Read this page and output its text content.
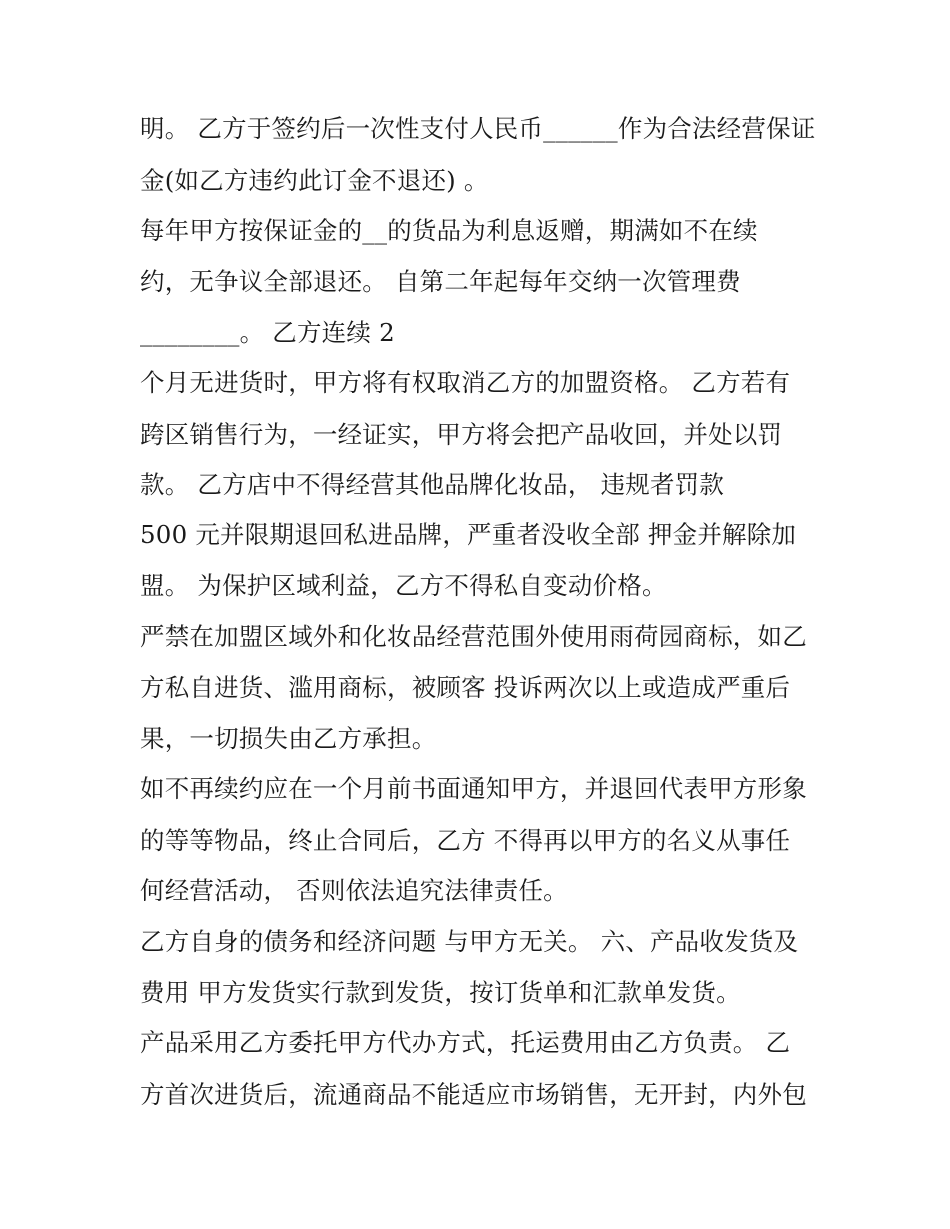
明。 乙方于签约后一次性支付人民币______作为合法经营保证
金(如乙方违约此订金不退还) 。
每年甲方按保证金的__的货品为利息返赠，期满如不在续
约，无争议全部退还。 自第二年起每年交纳一次管理费
________。 乙方连续 2
个月无进货时，甲方将有权取消乙方的加盟资格。 乙方若有
跨区销售行为，一经证实，甲方将会把产品收回，并处以罚
款。 乙方店中不得经营其他品牌化妆品， 违规者罚款
500 元并限期退回私进品牌，严重者没收全部 押金并解除加
盟。 为保护区域利益，乙方不得私自变动价格。
严禁在加盟区域外和化妆品经营范围外使用雨荷园商标，如乙
方私自进货、滥用商标，被顾客 投诉两次以上或造成严重后
果，一切损失由乙方承担。
如不再续约应在一个月前书面通知甲方，并退回代表甲方形象
的等等物品，终止合同后，乙方 不得再以甲方的名义从事任
何经营活动， 否则依法追究法律责任。
乙方自身的债务和经济问题 与甲方无关。 六、产品收发货及
费用 甲方发货实行款到发货，按订货单和汇款单发货。
产品采用乙方委托甲方代办方式，托运费用由乙方负责。 乙
方首次进货后，流通商品不能适应市场销售，无开封，内外包
